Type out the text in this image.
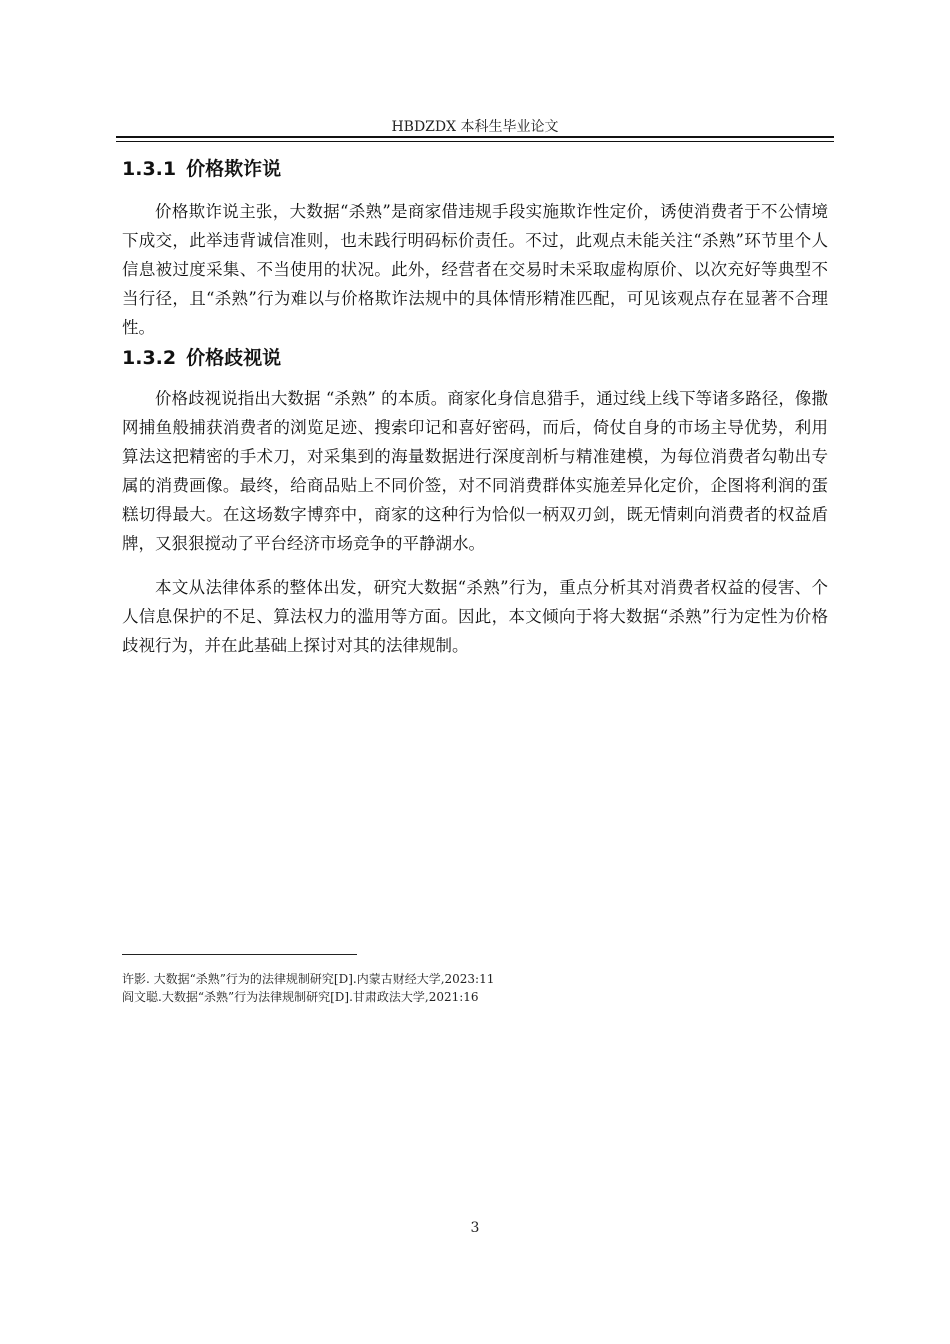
HBDZDX 本科生毕业论文
1.3.1 价格欺诈说

价格欺诈说主张，大数据“杀熟”是商家借违规手段实施欺诈性定价，诱使消费者于不公情境下成交，此举违背诚信准则，也未践行明码标价责任。不过，此观点未能关注“杀熟”环节里个人信息被过度采集、不当使用的状况。此外，经营者在交易时未采取虚构原价、以次充好等典型不当行径，且“杀熟”行为难以与价格欺诈法规中的具体情形精准匹配，可见该观点存在显著不合理性。

1.3.2 价格歧视说

价格歧视说指出大数据 “杀熟” 的本质。商家化身信息猎手，通过线上线下等诸多路径，像撒网捕鱼般捕获消费者的浏览足迹、搜索印记和喜好密码，而后，倚仗自身的市场主导优势，利用算法这把精密的手术刀，对采集到的海量数据进行深度剖析与精准建模，为每位消费者勾勒出专属的消费画像。最终，给商品贴上不同价签，对不同消费群体实施差异化定价，企图将利润的蛋糕切得最大。在这场数字博弈中，商家的这种行为恰似一柄双刃剑，既无情刺向消费者的权益盾牌，又狠狠搅动了平台经济市场竞争的平静湖水。

本文从法律体系的整体出发，研究大数据“杀熟”行为，重点分析其对消费者权益的侵害、个人信息保护的不足、算法权力的滥用等方面。因此，本文倾向于将大数据“杀熟”行为定性为价格歧视行为，并在此基础上探讨对其的法律规制。

许影. 大数据“杀熟”行为的法律规制研究[D].内蒙古财经大学,2023:11
阎文聪.大数据“杀熟”行为法律规制研究[D].甘肃政法大学,2021:16
3
